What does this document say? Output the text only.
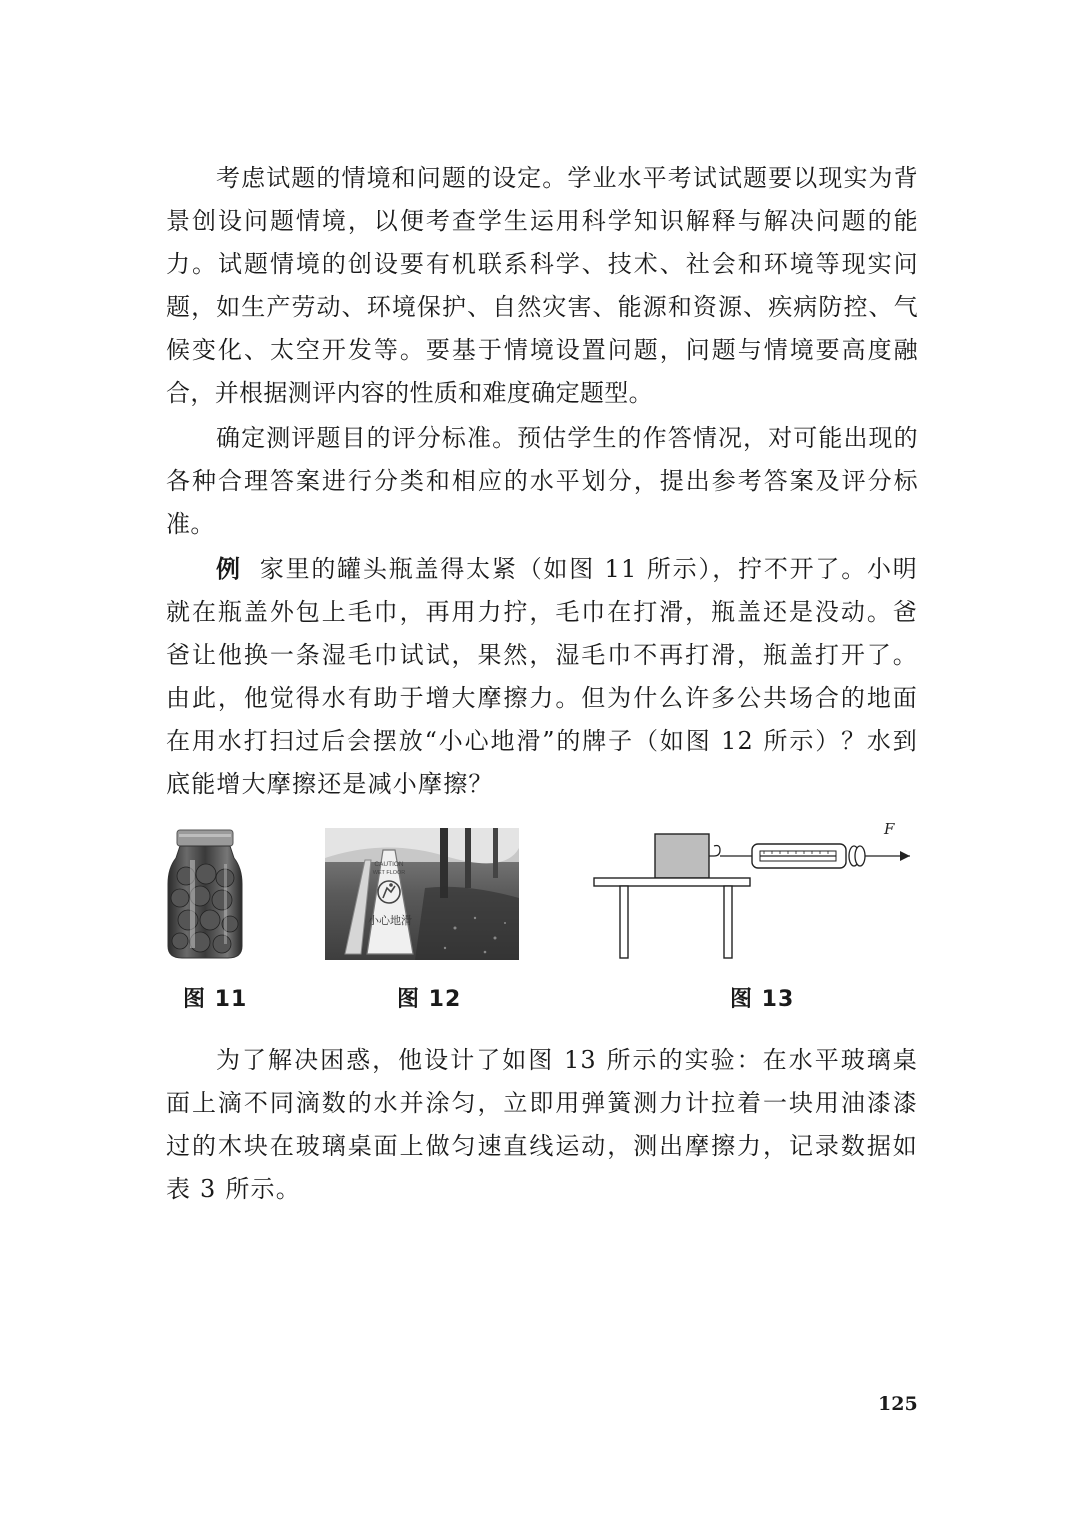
考虑试题的情境和问题的设定。学业水平考试试题要以现实为背景创设问题情境，以便考查学生运用科学知识解释与解决问题的能力。试题情境的创设要有机联系科学、技术、社会和环境等现实问题，如生产劳动、环境保护、自然灾害、能源和资源、疾病防控、气候变化、太空开发等。要基于情境设置问题，问题与情境要高度融合，并根据测评内容的性质和难度确定题型。

确定测评题目的评分标准。预估学生的作答情况，对可能出现的各种合理答案进行分类和相应的水平划分，提出参考答案及评分标准。

例 家里的罐头瓶盖得太紧（如图 11 所示），拧不开了。小明就在瓶盖外包上毛巾，再用力拧，毛巾在打滑，瓶盖还是没动。爸爸让他换一条湿毛巾试试，果然，湿毛巾不再打滑，瓶盖打开了。由此，他觉得水有助于增大摩擦力。但为什么许多公共场合的地面在用水打扫过后会摆放“小心地滑”的牌子（如图 12 所示）？水到底能增大摩擦还是减小摩擦？

CAUTION
WET FLOOR
小心地滑
F
图 11	图 12	图 13

为了解决困惑，他设计了如图 13 所示的实验：在水平玻璃桌面上滴不同滴数的水并涂匀，立即用弹簧测力计拉着一块用油漆漆过的木块在玻璃桌面上做匀速直线运动，测出摩擦力，记录数据如表 3 所示。

125
